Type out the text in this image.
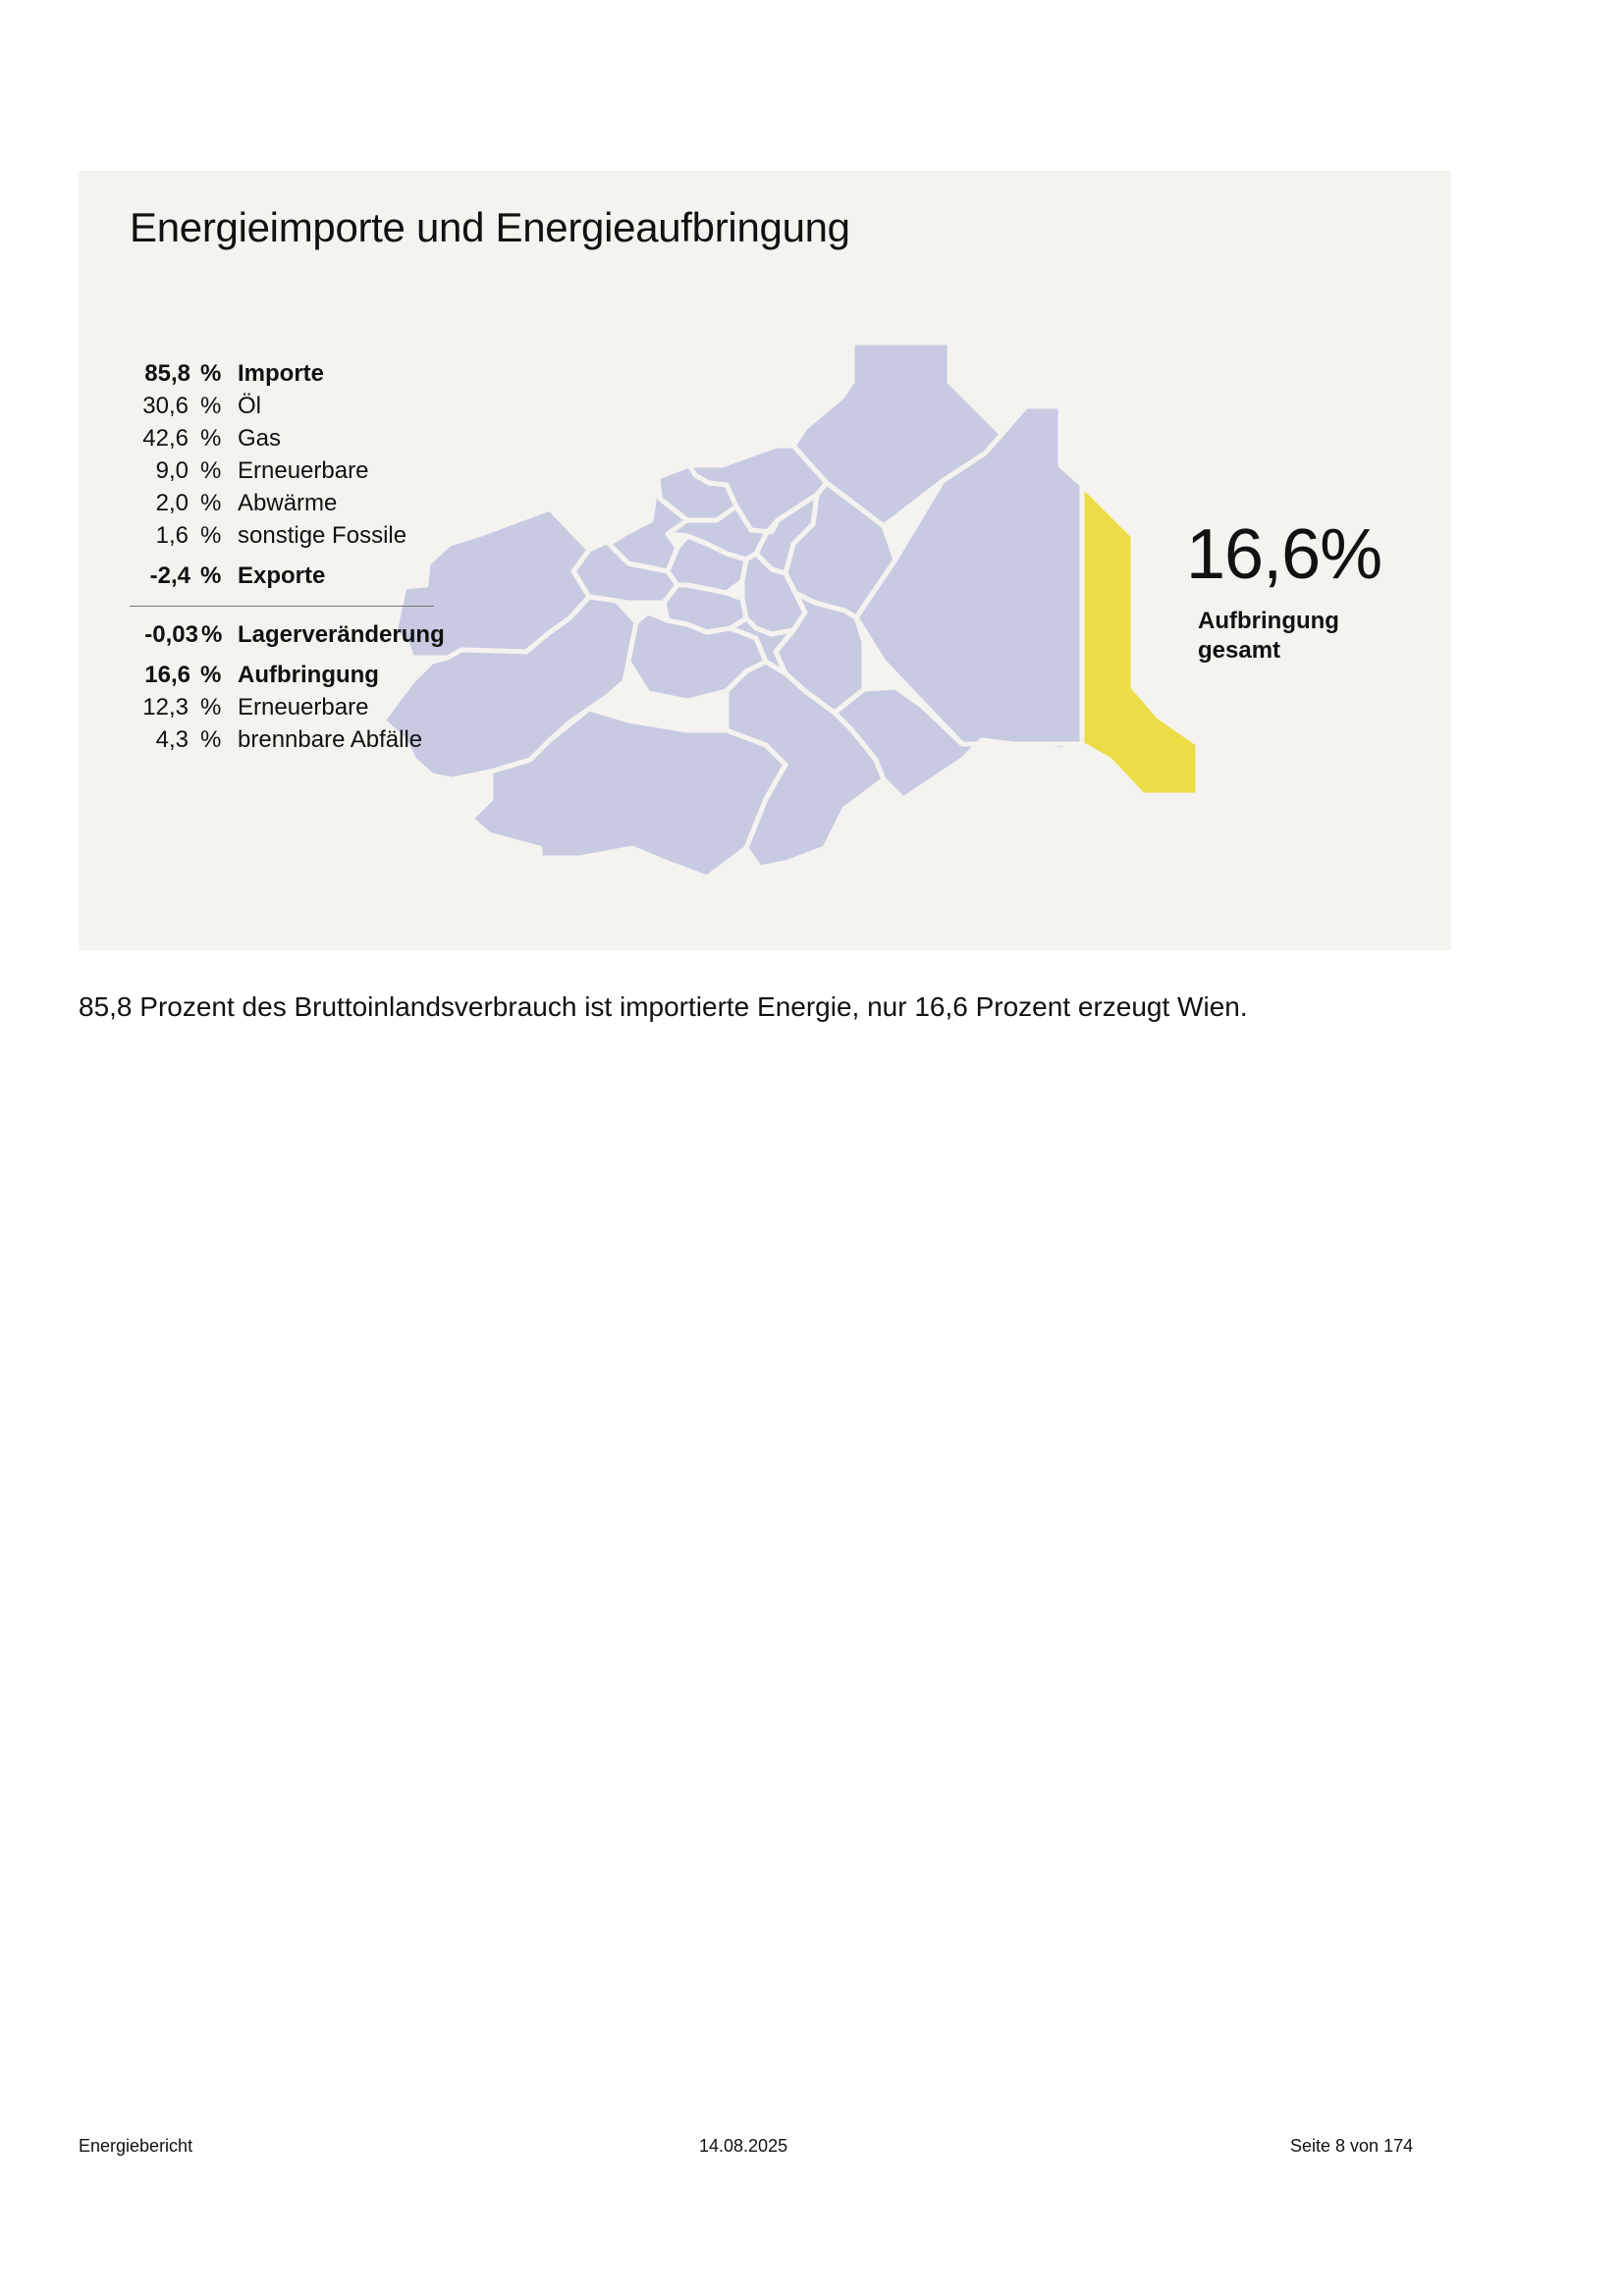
Energieimporte und Energieaufbringung
85,8 % Importe
30,6 % Öl
42,6 % Gas
9,0 % Erneuerbare
2,0 % Abwärme
1,6 % sonstige Fossile
-2,4 % Exporte
-0,03 % Lagerveränderung
16,6 % Aufbringung
12,3 % Erneuerbare
4,3 % brennbare Abfälle

16,6%

Aufbringung
gesamt

85,8 Prozent des Bruttoinlandsverbrauch ist importierte Energie, nur 16,6 Prozent erzeugt Wien.

Energiebericht	14.08.2025	Seite 8 von 174
